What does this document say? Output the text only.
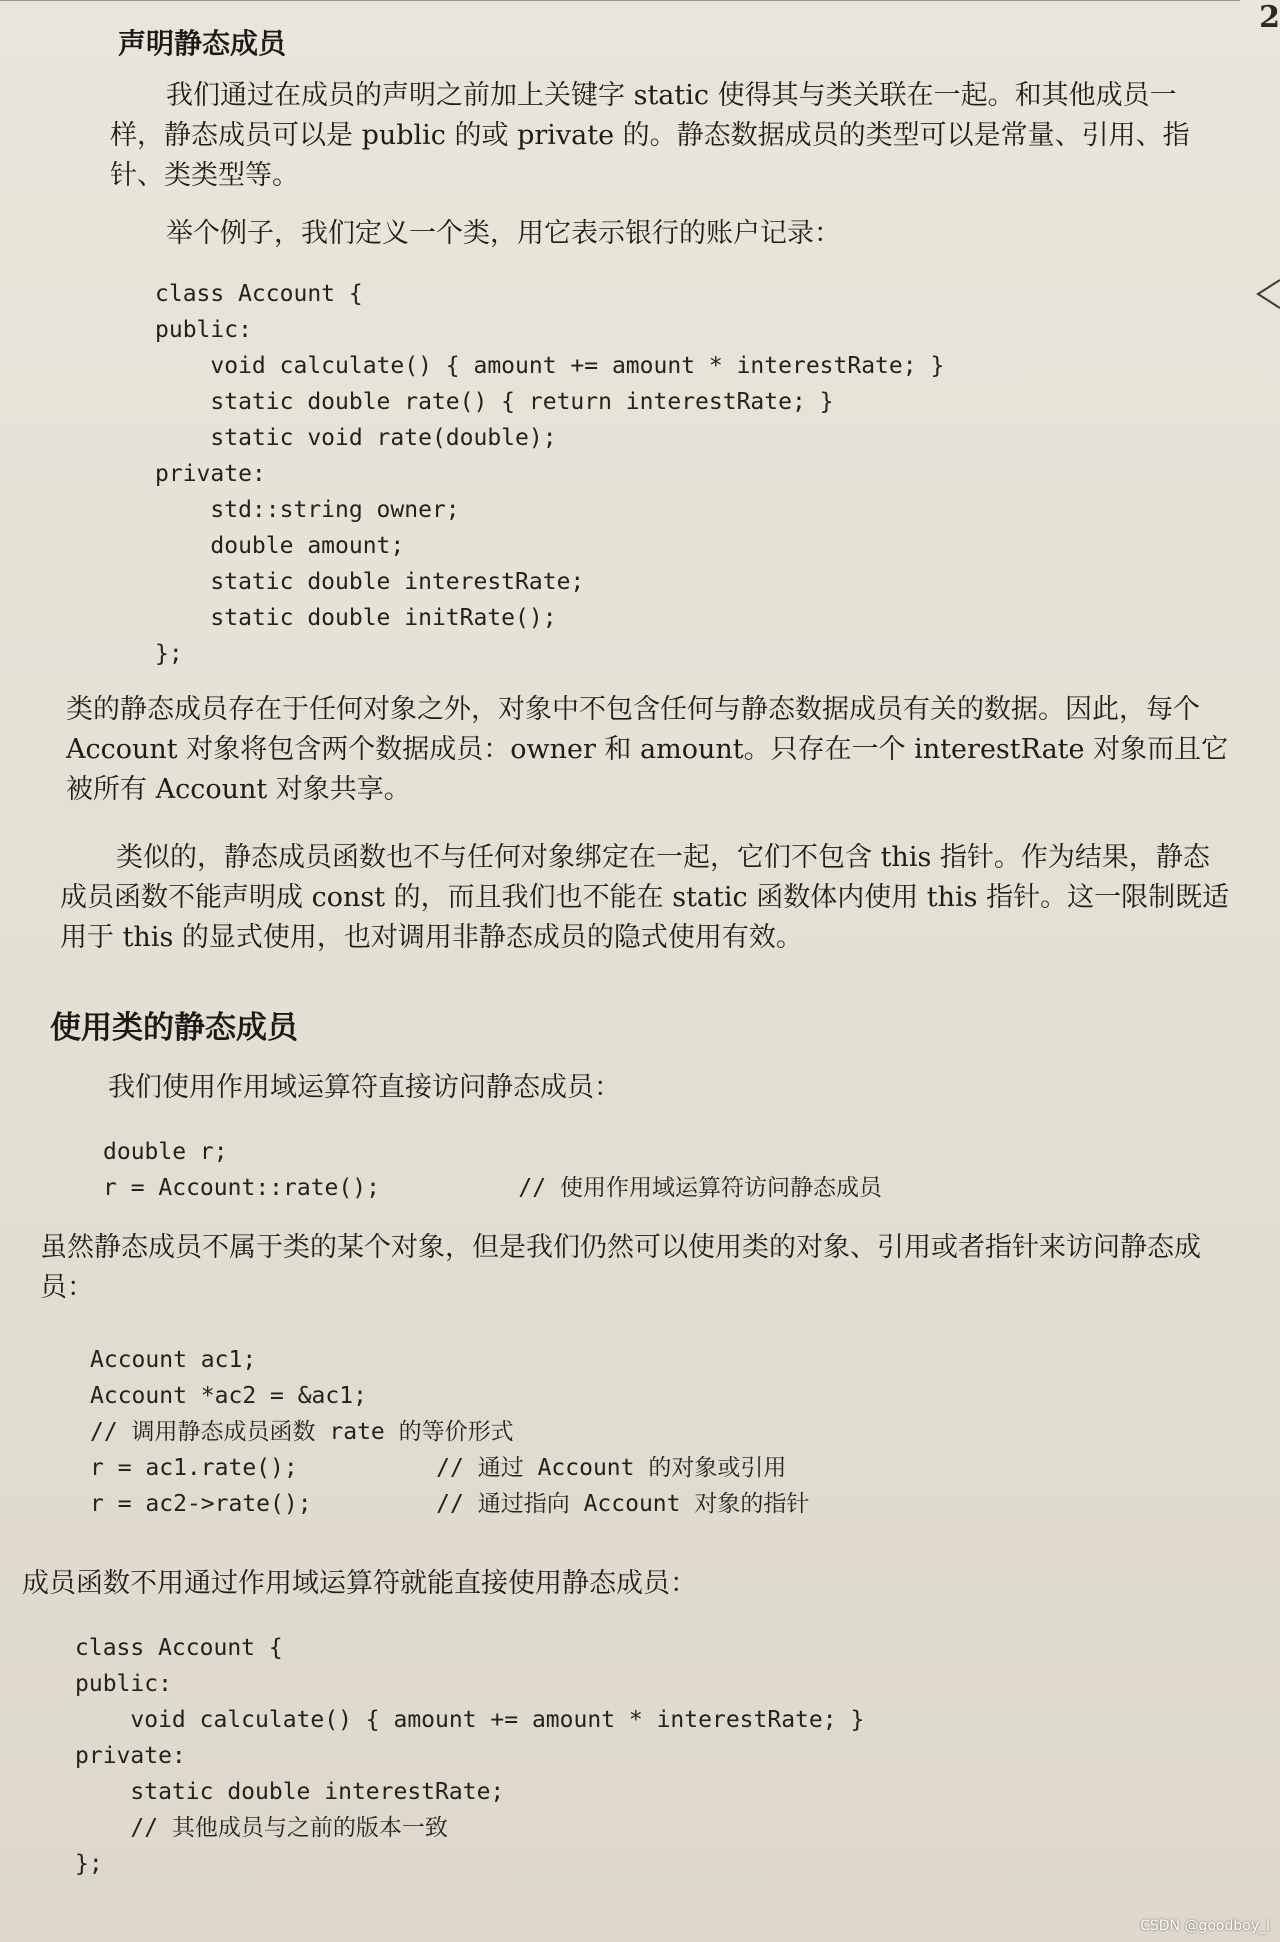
2
声明静态成员

我们通过在成员的声明之前加上关键字 static 使得其与类关联在一起。和其他成员一样，静态成员可以是 public 的或 private 的。静态数据成员的类型可以是常量、引用、指针、类类型等。

举个例子，我们定义一个类，用它表示银行的账户记录：

class Account {
public:
void calculate() { amount += amount * interestRate; }
static double rate() { return interestRate; }
static void rate(double);
private:
std::string owner;
double amount;
static double interestRate;
static double initRate();
};

类的静态成员存在于任何对象之外，对象中不包含任何与静态数据成员有关的数据。因此，每个 Account 对象将包含两个数据成员：owner 和 amount。只存在一个 interestRate 对象而且它被所有 Account 对象共享。

类似的，静态成员函数也不与任何对象绑定在一起，它们不包含 this 指针。作为结果，静态成员函数不能声明成 const 的，而且我们也不能在 static 函数体内使用 this 指针。这一限制既适用于 this 的显式使用，也对调用非静态成员的隐式使用有效。

使用类的静态成员

我们使用作用域运算符直接访问静态成员：

double r;
r = Account::rate();          // 使用作用域运算符访问静态成员

虽然静态成员不属于类的某个对象，但是我们仍然可以使用类的对象、引用或者指针来访问静态成员：

Account ac1;
Account *ac2 = &ac1;
// 调用静态成员函数 rate 的等价形式
r = ac1.rate();          // 通过 Account 的对象或引用
r = ac2->rate();         // 通过指向 Account 对象的指针

成员函数不用通过作用域运算符就能直接使用静态成员：

class Account {
public:
void calculate() { amount += amount * interestRate; }
private:
static double interestRate;
// 其他成员与之前的版本一致
};
CSDN @goodboy_l
